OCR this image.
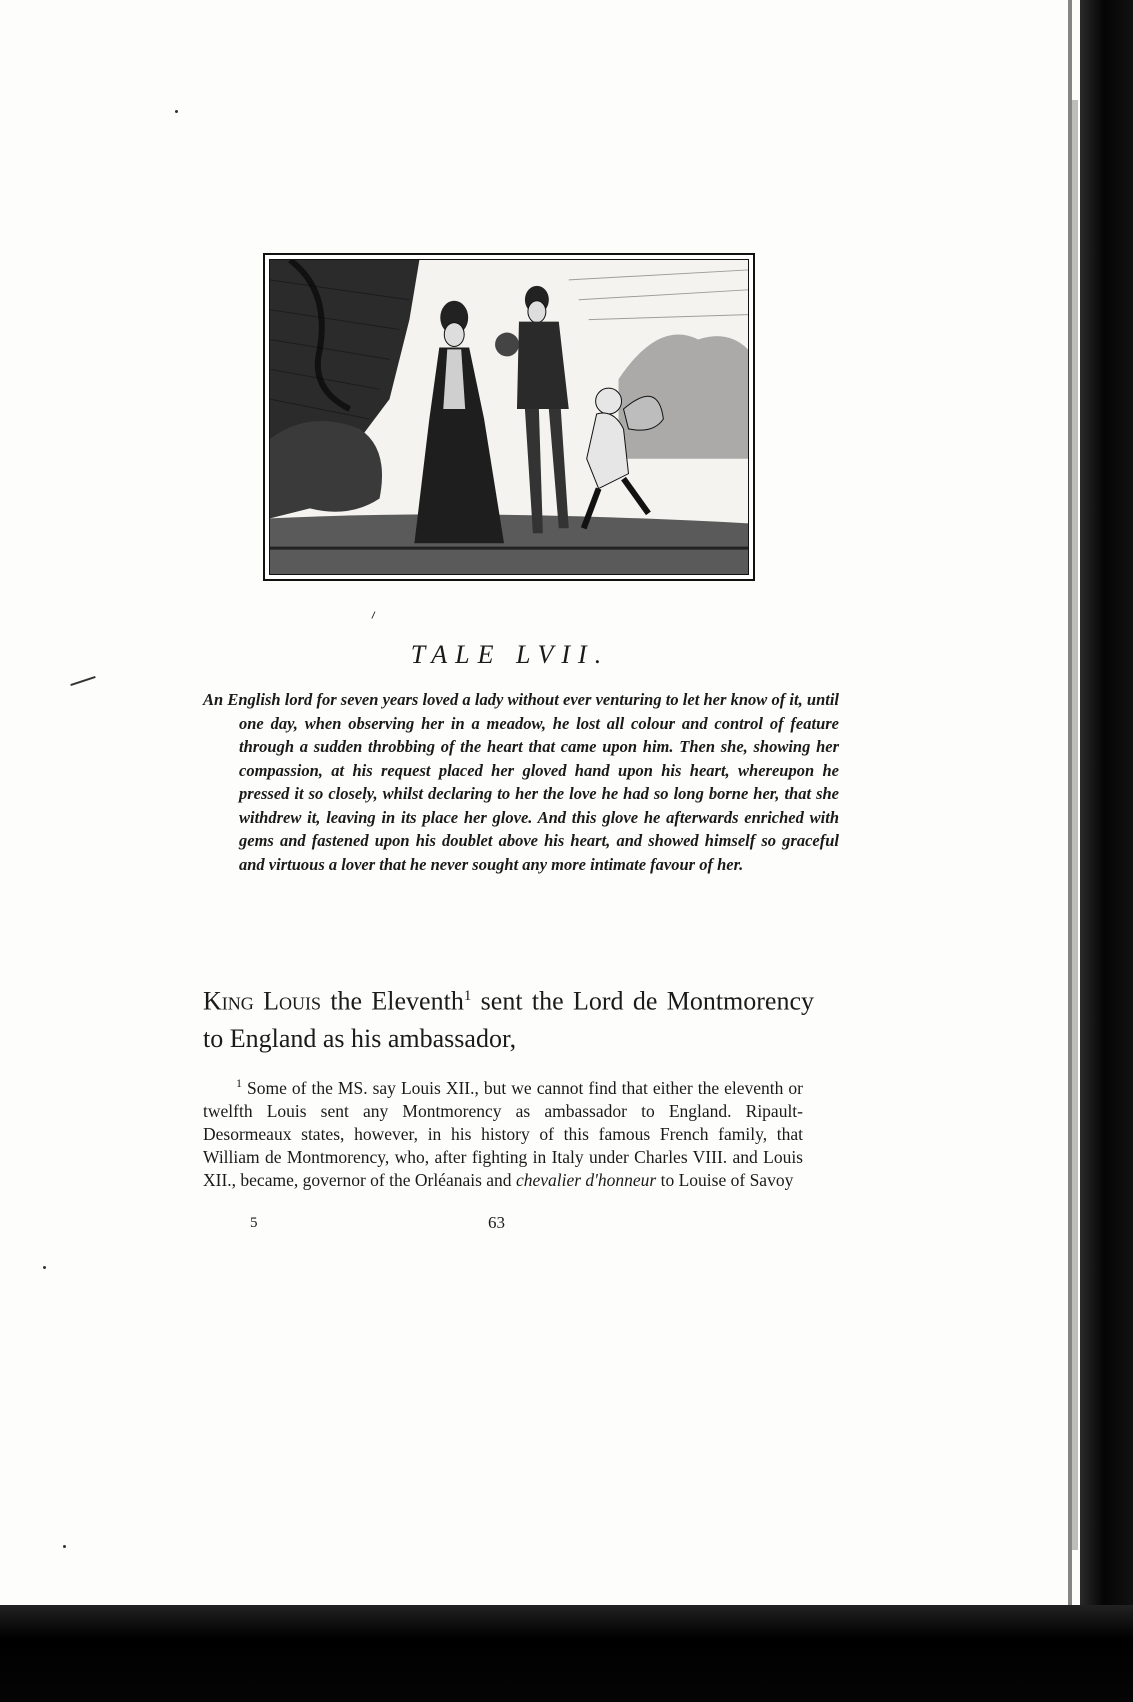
⸝
TALE LVII.
An English lord for seven years loved a lady without ever venturing to let her know of it, until one day, when observing her in a meadow, he lost all colour and control of feature through a sudden throbbing of the heart that came upon him. Then she, showing her compassion, at his request placed her gloved hand upon his heart, whereupon he pressed it so closely, whilst declaring to her the love he had so long borne her, that she withdrew it, leaving in its place her glove. And this glove he afterwards enriched with gems and fastened upon his doublet above his heart, and showed himself so graceful and virtuous a lover that he never sought any more intimate favour of her.
King Louis the Eleventh$^1$ sent the Lord de Montmorency to England as his ambassador,
$^1$ Some of the MS. say Louis XII., but we cannot find that either the eleventh or twelfth Louis sent any Montmorency as ambassador to England. Ripault-Desormeaux states, however, in his history of this famous French family, that William de Montmorency, who, after fighting in Italy under Charles VIII. and Louis XII., became, governor of the Orléanais and chevalier d'honneur to Louise of Savoy
5	63
